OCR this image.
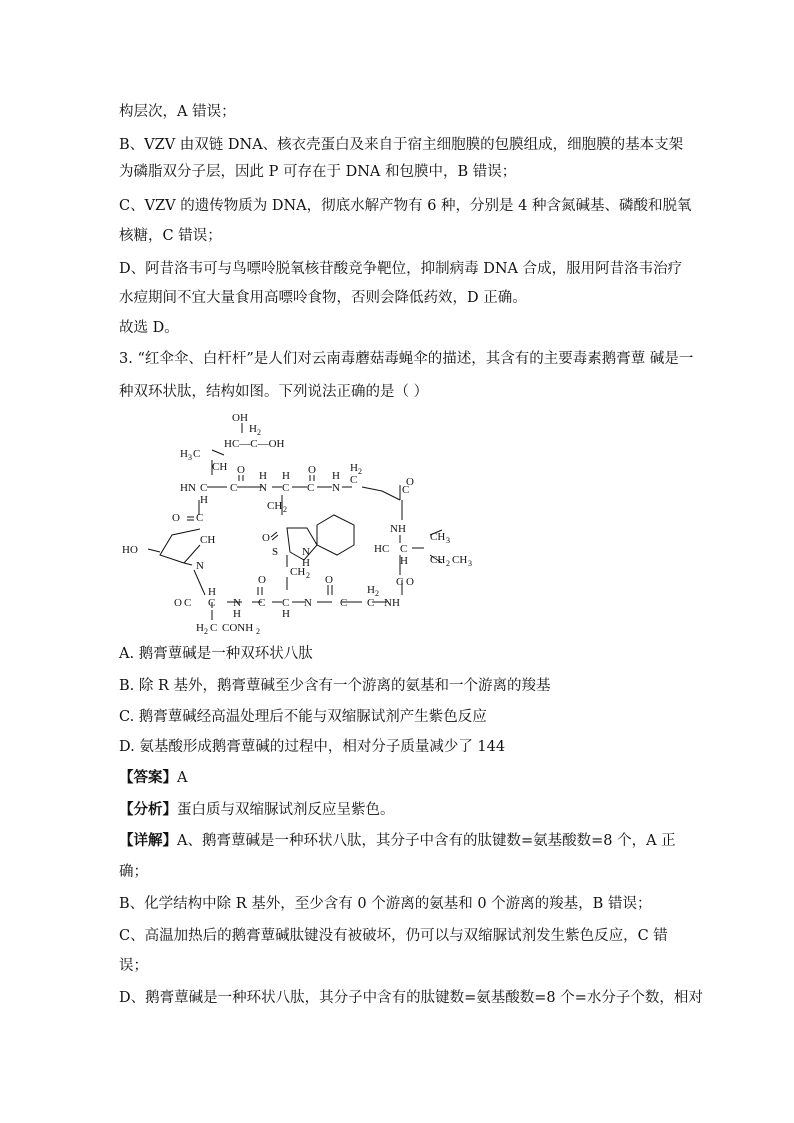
构层次，A 错误；
B、VZV 由双链 DNA、核衣壳蛋白及来自于宿主细胞膜的包膜组成，细胞膜的基本支架
为磷脂双分子层，因此 P 可存在于 DNA 和包膜中，B 错误；
C、VZV 的遗传物质为 DNA，彻底水解产物有 6 种，分别是 4 种含氮碱基、磷酸和脱氧
核糖，C 错误；
D、阿昔洛韦可与鸟嘌呤脱氧核苷酸竞争靶位，抑制病毒 DNA 合成，服用阿昔洛韦治疗
水痘期间不宜大量食用高嘌呤食物，否则会降低药效，D 正确。
故选 D。
3. “红伞伞、白杆杆”是人们对云南毒蘑菇毒蝇伞的描述，其含有的主要毒素鹅膏蕈 碱是一
种双环状肽，结构如图。下列说法正确的是（ ）
OH
H 2
HC—C—OH
H 3 C
CH
HN C
H
C
O H
N
H
C C
O
N
H
H 2
C
C
O
NH
HC C
H
CH 3
CH 2 CH 3
C O
H 2
C NH
C
O
N
C
H
CH 2
S
O
N
H
CH 2
C
O
N
H
C
H
O C
H 2 C CONH 2
N
CH
O C
HO
A. 鹅膏蕈碱是一种双环状八肽
B. 除 R 基外，鹅膏蕈碱至少含有一个游离的氨基和一个游离的羧基
C. 鹅膏蕈碱经高温处理后不能与双缩脲试剂产生紫色反应
D. 氨基酸形成鹅膏蕈碱的过程中，相对分子质量减少了 144
【答案】A
【分析】蛋白质与双缩脲试剂反应呈紫色。
【详解】A、鹅膏蕈碱是一种环状八肽，其分子中含有的肽键数=氨基酸数=8 个，A 正
确；
B、化学结构中除 R 基外，至少含有 0 个游离的氨基和 0 个游离的羧基，B 错误；
C、高温加热后的鹅膏蕈碱肽键没有被破坏，仍可以与双缩脲试剂发生紫色反应，C 错
误；
D、鹅膏蕈碱是一种环状八肽，其分子中含有的肽键数=氨基酸数=8 个=水分子个数，相对
